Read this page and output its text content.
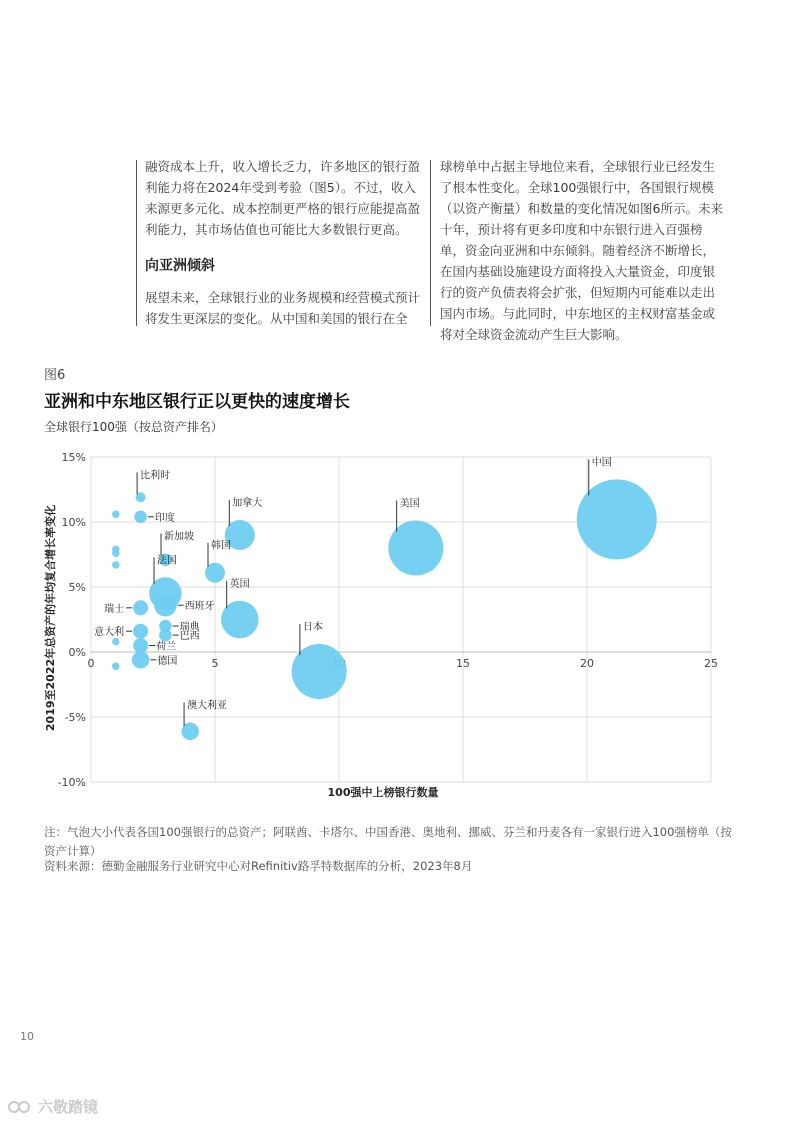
融资成本上升，收入增长乏力，许多地区的银行盈利能力将在2024年受到考验（图5）。不过，收入来源更多元化、成本控制更严格的银行应能提高盈利能力，其市场估值也可能比大多数银行更高。

向亚洲倾斜

展望未来，全球银行业的业务规模和经营模式预计将发生更深层的变化。从中国和美国的银行在全

球榜单中占据主导地位来看，全球银行业已经发生了根本性变化。全球100强银行中，各国银行规模（以资产衡量）和数量的变化情况如图6所示。未来十年，预计将有更多印度和中东银行进入百强榜单，资金向亚洲和中东倾斜。随着经济不断增长，在国内基础设施建设方面将投入大量资金，印度银行的资产负债表将会扩张，但短期内可能难以走出国内市场。与此同时，中东地区的主权财富基金或将对全球资金流动产生巨大影响。

图6
亚洲和中东地区银行正以更快的速度增长
全球银行100强（按总资产排名）
15%
10%
5%
0%
-5%
-10%
0	5	15	20	25
中国
美国
加拿大
韩国
英国
日本
澳大利亚
法国
西班牙
新加坡
瑞典
巴西
比利时
印度
瑞士
意大利
荷兰
德国
100强中上榜银行数量
2019至2022年总资产的年均复合增长率变化
注：气泡大小代表各国100强银行的总资产；阿联酋、卡塔尔、中国香港、奥地利、挪威、芬兰和丹麦各有一家银行进入100强榜单（按资产计算）
资料来源：德勤金融服务行业研究中心对Refinitiv路孚特数据库的分析，2023年8月
10
六敬踏镜
